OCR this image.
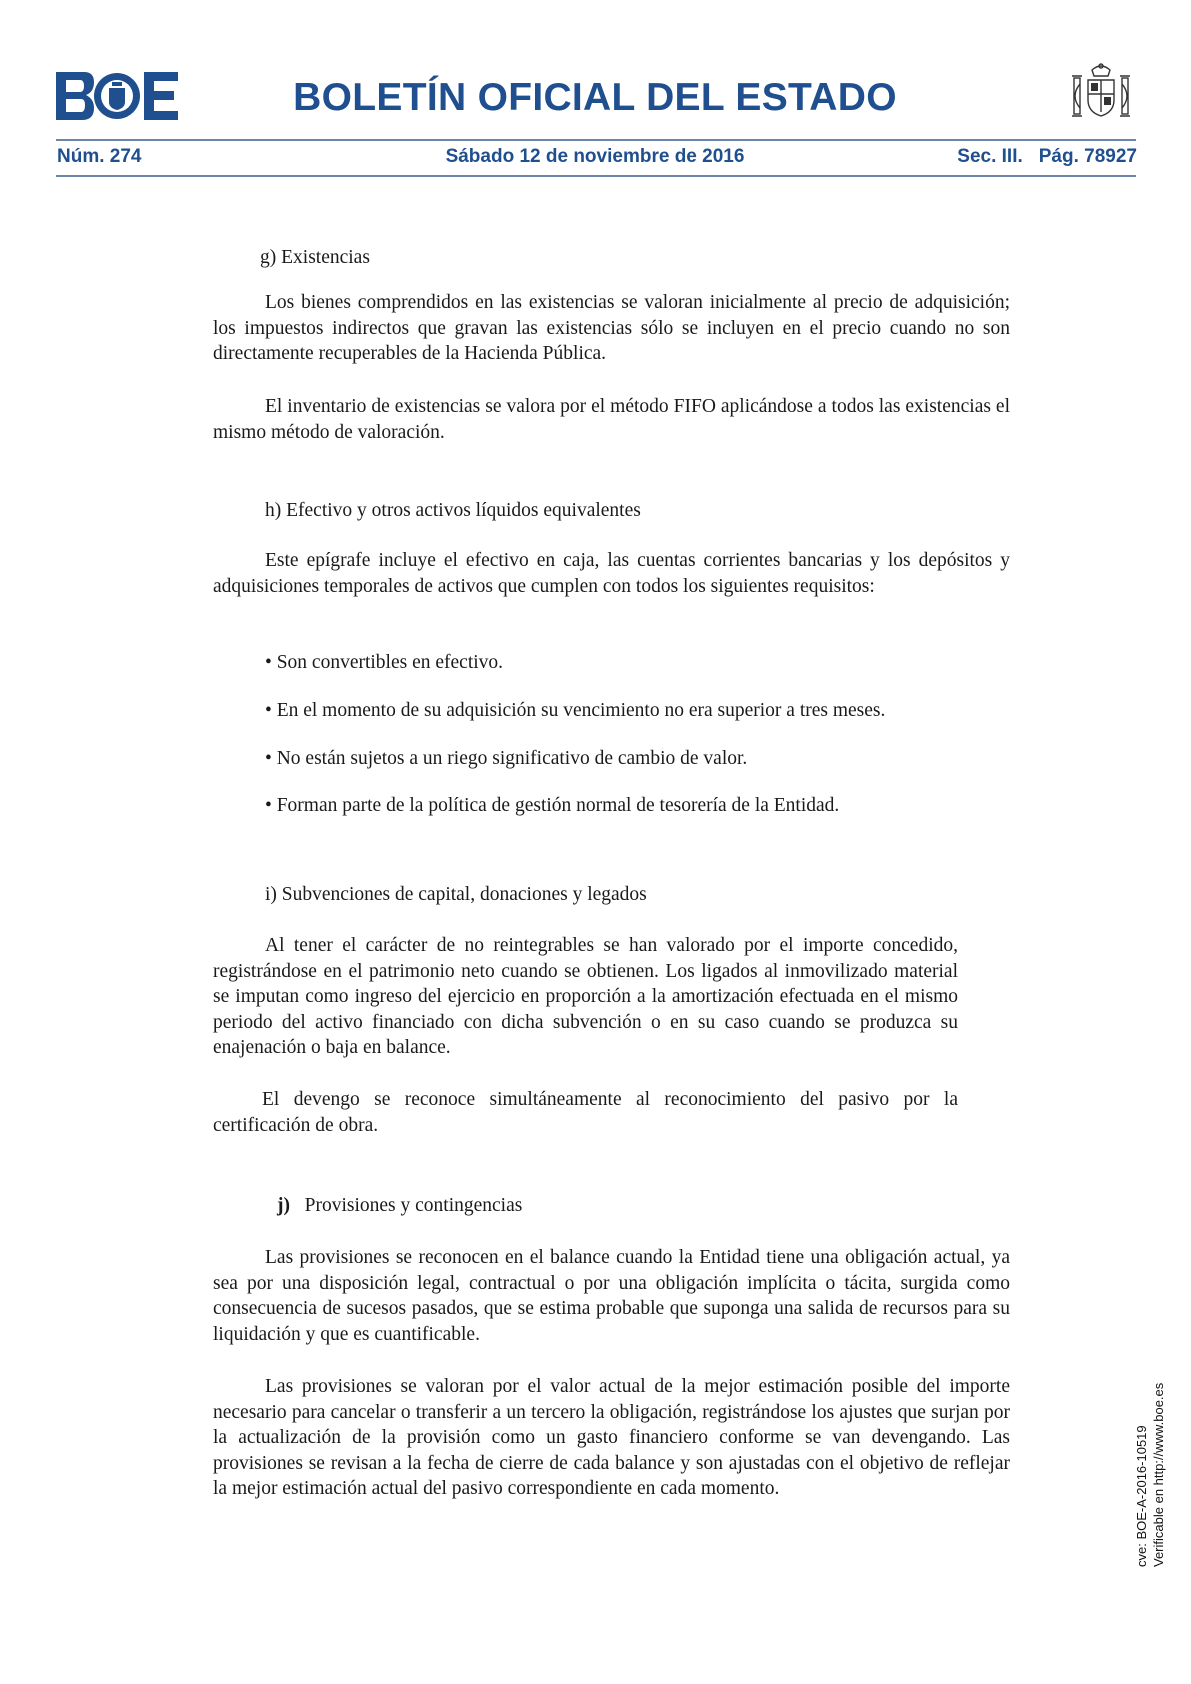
BOLETÍN OFICIAL DEL ESTADO
Núm. 274	Sábado 12 de noviembre de 2016	Sec. III. Pág. 78927
g) Existencias
Los bienes comprendidos en las existencias se valoran inicialmente al precio de adquisición; los impuestos indirectos que gravan las existencias sólo se incluyen en el precio cuando no son directamente recuperables de la Hacienda Pública.
El inventario de existencias se valora por el método FIFO aplicándose a todos las existencias el mismo método de valoración.
h) Efectivo y otros activos líquidos equivalentes
Este epígrafe incluye el efectivo en caja, las cuentas corrientes bancarias y los depósitos y adquisiciones temporales de activos que cumplen con todos los siguientes requisitos:
• Son convertibles en efectivo.
• En el momento de su adquisición su vencimiento no era superior a tres meses.
• No están sujetos a un riego significativo de cambio de valor.
• Forman parte de la política de gestión normal de tesorería de la Entidad.
i) Subvenciones de capital, donaciones y legados
Al tener el carácter de no reintegrables se han valorado por el importe concedido, registrándose en el patrimonio neto cuando se obtienen. Los ligados al inmovilizado material se imputan como ingreso del ejercicio en proporción a la amortización efectuada en el mismo periodo del activo financiado con dicha subvención o en su caso cuando se produzca su enajenación o baja en balance.
El devengo se reconoce simultáneamente al reconocimiento del pasivo por la certificación de obra.
j) Provisiones y contingencias
Las provisiones se reconocen en el balance cuando la Entidad tiene una obligación actual, ya sea por una disposición legal, contractual o por una obligación implícita o tácita, surgida como consecuencia de sucesos pasados, que se estima probable que suponga una salida de recursos para su liquidación y que es cuantificable.
Las provisiones se valoran por el valor actual de la mejor estimación posible del importe necesario para cancelar o transferir a un tercero la obligación, registrándose los ajustes que surjan por la actualización de la provisión como un gasto financiero conforme se van devengando. Las provisiones se revisan a la fecha de cierre de cada balance y son ajustadas con el objetivo de reflejar la mejor estimación actual del pasivo correspondiente en cada momento.	cve: BOE-A-2016-10519 Verificable en http://www.boe.es
